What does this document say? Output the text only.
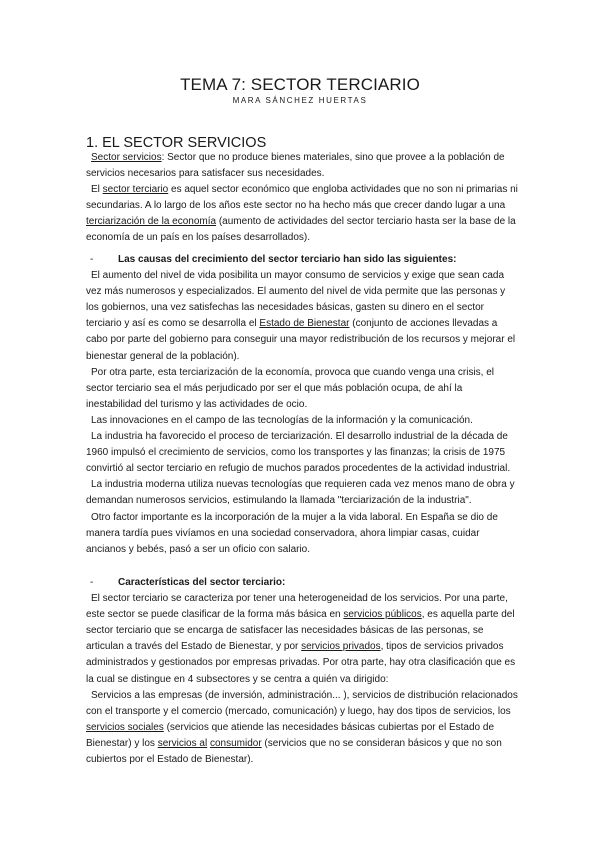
TEMA 7: SECTOR TERCIARIO
MARA SÁNCHEZ HUERTAS
1. EL SECTOR SERVICIOS

Sector servicios: Sector que no produce bienes materiales, sino que provee a la población de servicios necesarios para satisfacer sus necesidades.

El sector terciario es aquel sector económico que engloba actividades que no son ni primarias ni secundarias. A lo largo de los años este sector no ha hecho más que crecer dando lugar a una terciarización de la economía (aumento de actividades del sector terciario hasta ser la base de la economía de un país en los países desarrollados).

-	Las causas del crecimiento del sector terciario han sido las siguientes:

El aumento del nivel de vida posibilita un mayor consumo de servicios y exige que sean cada vez más numerosos y especializados. El aumento del nivel de vida permite que las personas y los gobiernos, una vez satisfechas las necesidades básicas, gasten su dinero en el sector terciario y así es como se desarrolla el Estado de Bienestar (conjunto de acciones llevadas a cabo por parte del gobierno para conseguir una mayor redistribución de los recursos y mejorar el bienestar general de la población).

Por otra parte, esta terciarización de la economía, provoca que cuando venga una crisis, el sector terciario sea el más perjudicado por ser el que más población ocupa, de ahí la inestabilidad del turismo y las actividades de ocio.

Las innovaciones en el campo de las tecnologías de la información y la comunicación.

La industria ha favorecido el proceso de terciarización. El desarrollo industrial de la década de 1960 impulsó el crecimiento de servicios, como los transportes y las finanzas; la crisis de 1975 convirtió al sector terciario en refugio de muchos parados procedentes de la actividad industrial.

La industria moderna utiliza nuevas tecnologías que requieren cada vez menos mano de obra y demandan numerosos servicios, estimulando la llamada "terciarización de la industria".

Otro factor importante es la incorporación de la mujer a la vida laboral. En España se dio de manera tardía pues vivíamos en una sociedad conservadora, ahora limpiar casas, cuidar ancianos y bebés, pasó a ser un oficio con salario.

-	Características del sector terciario:

El sector terciario se caracteriza por tener una heterogeneidad de los servicios. Por una parte, este sector se puede clasificar de la forma más básica en servicios públicos, es aquella parte del sector terciario que se encarga de satisfacer las necesidades básicas de las personas, se articulan a través del Estado de Bienestar, y por servicios privados, tipos de servicios privados administrados y gestionados por empresas privadas. Por otra parte, hay otra clasificación que es la cual se distingue en 4 subsectores y se centra a quién va dirigido:

Servicios a las empresas (de inversión, administración... ), servicios de distribución relacionados con el transporte y el comercio (mercado, comunicación) y luego, hay dos tipos de servicios, los servicios sociales (servicios que atiende las necesidades básicas cubiertas por el Estado de Bienestar) y los servicios al consumidor (servicios que no se consideran básicos y que no son cubiertos por el Estado de Bienestar).
